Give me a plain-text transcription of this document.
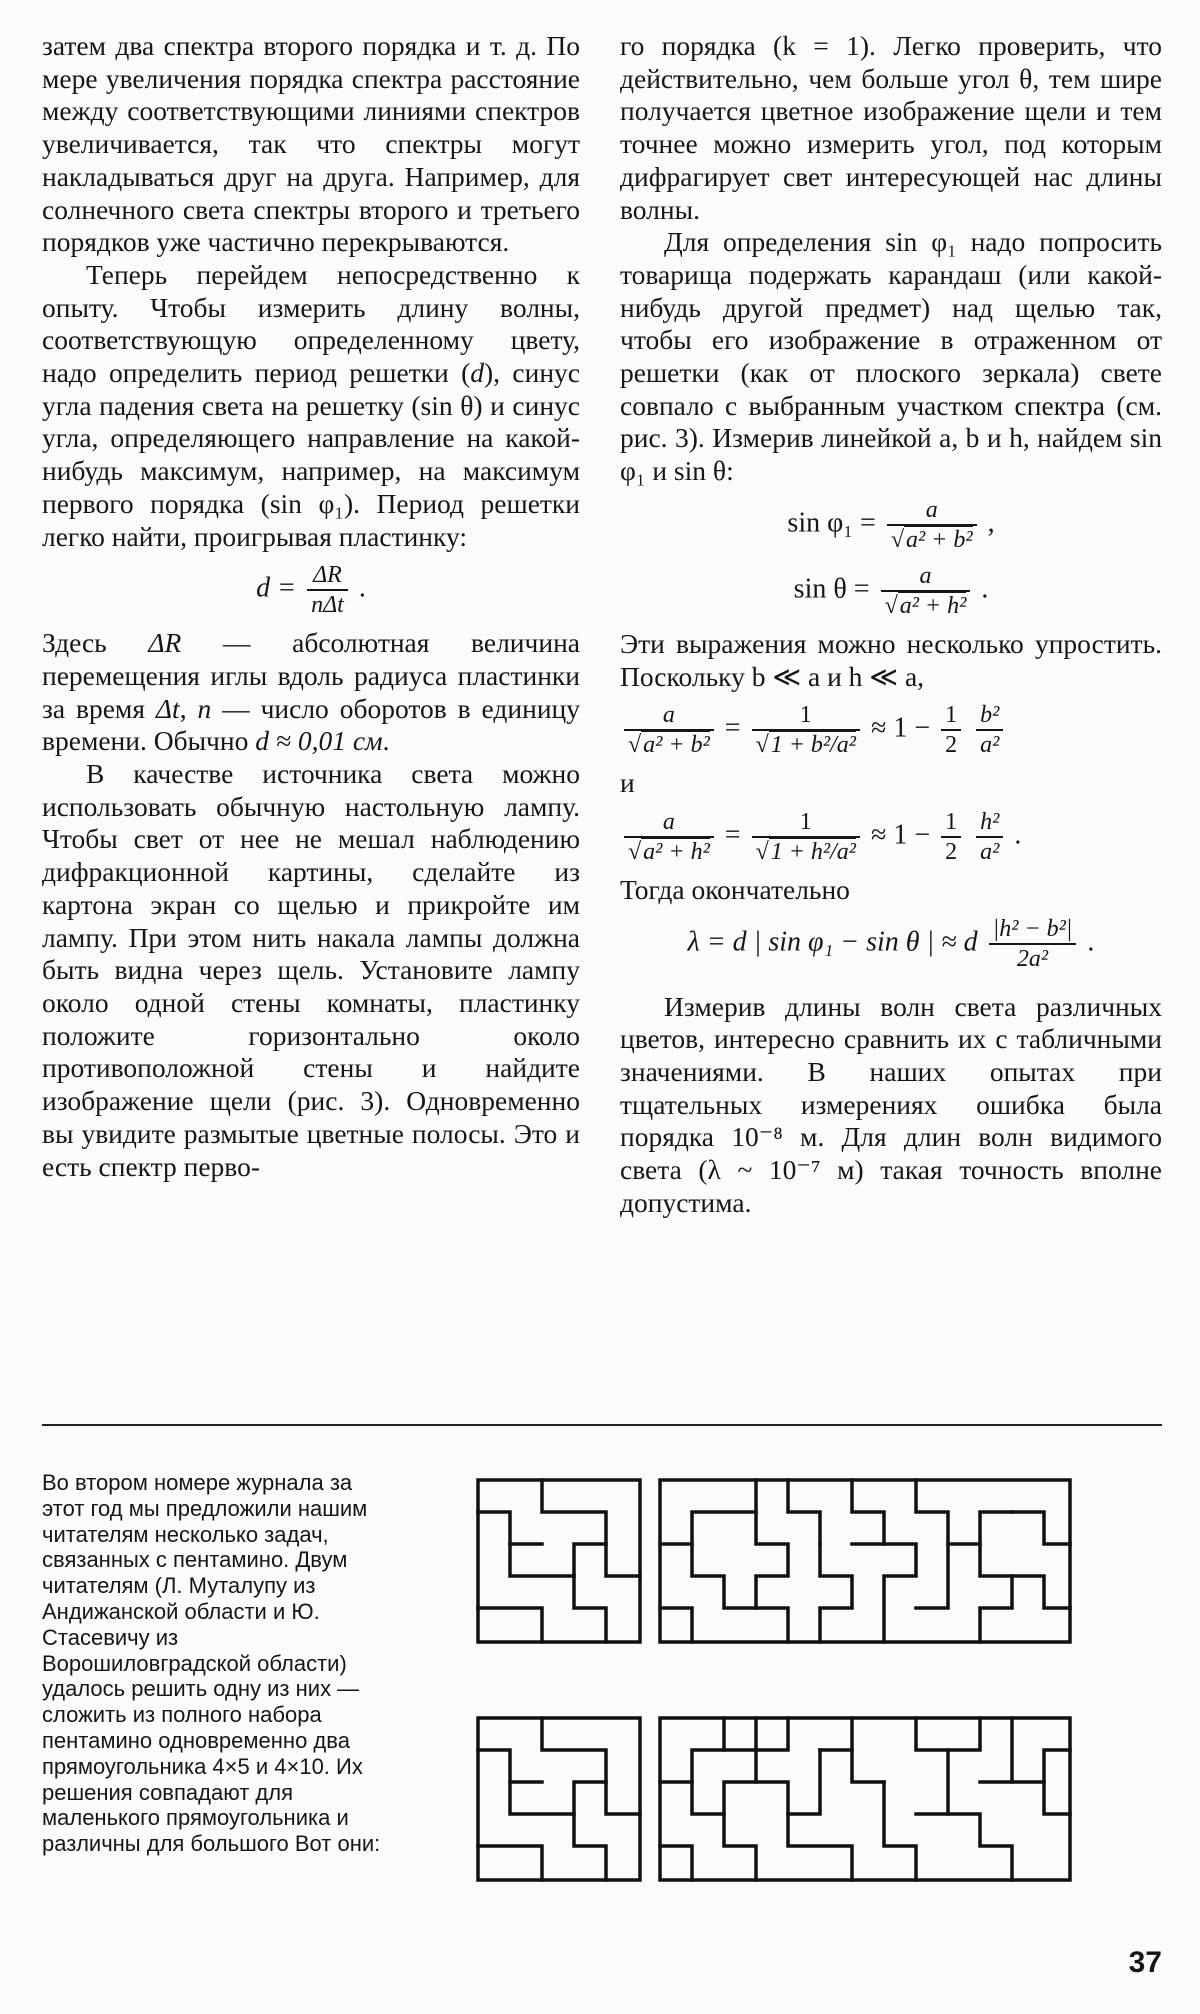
затем два спектра второго порядка и т. д. По мере увеличения порядка спектра расстояние между соответствующими линиями спектров увеличивается, так что спектры могут накладываться друг на друга. Например, для солнечного света спектры второго и третьего порядков уже частично перекрываются.

Теперь перейдем непосредственно к опыту. Чтобы измерить длину волны, соответствующую определенному цвету, надо определить период решетки (d), синус угла падения света на решетку (sin θ) и синус угла, определяющего направление на какой-нибудь максимум, например, на максимум первого порядка (sin φ₁). Период решетки легко найти, проигрывая пластинку:

$d = \frac{\Delta R}{\text{nΔt}}$ .

Здесь ΔR — абсолютная величина перемещения иглы вдоль радиуса пластинки за время Δt, n — число оборотов в единицу времени. Обычно d ≈ 0,01 см.

В качестве источника света можно использовать обычную настольную лампу. Чтобы свет от нее не мешал наблюдению дифракционной картины, сделайте из картона экран со щелью и прикройте им лампу. При этом нить накала лампы должна быть видна через щель. Установите лампу около одной стены комнаты, пластинку положите горизонтально около противоположной стены и найдите изображение щели (рис. 3). Одновременно вы увидите размытые цветные полосы. Это и есть спектр перво-

го порядка (k = 1). Легко проверить, что действительно, чем больше угол θ, тем шире получается цветное изображение щели и тем точнее можно измерить угол, под которым дифрагирует свет интересующей нас длины волны.

Для определения sin φ₁ надо попросить товарища подержать карандаш (или какой-нибудь другой предмет) над щелью так, чтобы его изображение в отраженном от решетки (как от плоского зеркала) свете совпало с выбранным участком спектра (см. рис. 3). Измерив линейкой a, b и h, найдем sin φ₁ и sin θ:

$\sin \varphi_1 = \frac{a}{\text{√a² + b²}}$ ,
$\sin \theta = \frac{a}{\text{√a² + h²}}$ .

Эти выражения можно несколько упростить. Поскольку b ≪ a и h ≪ a,

$\frac{a}{\text{√a² + b²}} = \frac{1}{\text{√1 + b²/a²}} \approx 1 - \frac{1}{2}$
$\frac{\text{b²}}{\text{a²}}$

и

$\frac{a}{\text{√a² + h²}} = \frac{1}{\text{√1 + h²/a²}} \approx 1 - \frac{1}{2}$
$\frac{\text{h²}}{\text{a²}}$ .

Тогда окончательно

λ = d | sin φ₁ − sin θ | ≈ d $\frac{\text{|h² − b²|}}{\text{2a²}}$ .

Измерив длины волн света различных цветов, интересно сравнить их с табличными значениями. В наших опытах при тщательных измерениях ошибка была порядка 10⁻⁸ м. Для длин волн видимого света (λ ~ 10⁻⁷ м) такая точность вполне допустима.

Во втором номере журнала за этот год мы предложили нашим читателям несколько задач, связанных с пентамино. Двум читателям (Л. Муталупу из Андижанской области и Ю. Стасевичу из Ворошиловградской области) удалось решить одну из них — сложить из полного набора пентамино одновременно два прямоугольника 4×5 и 4×10. Их решения совпадают для маленького прямоугольника и различны для большого Вот они:
37
